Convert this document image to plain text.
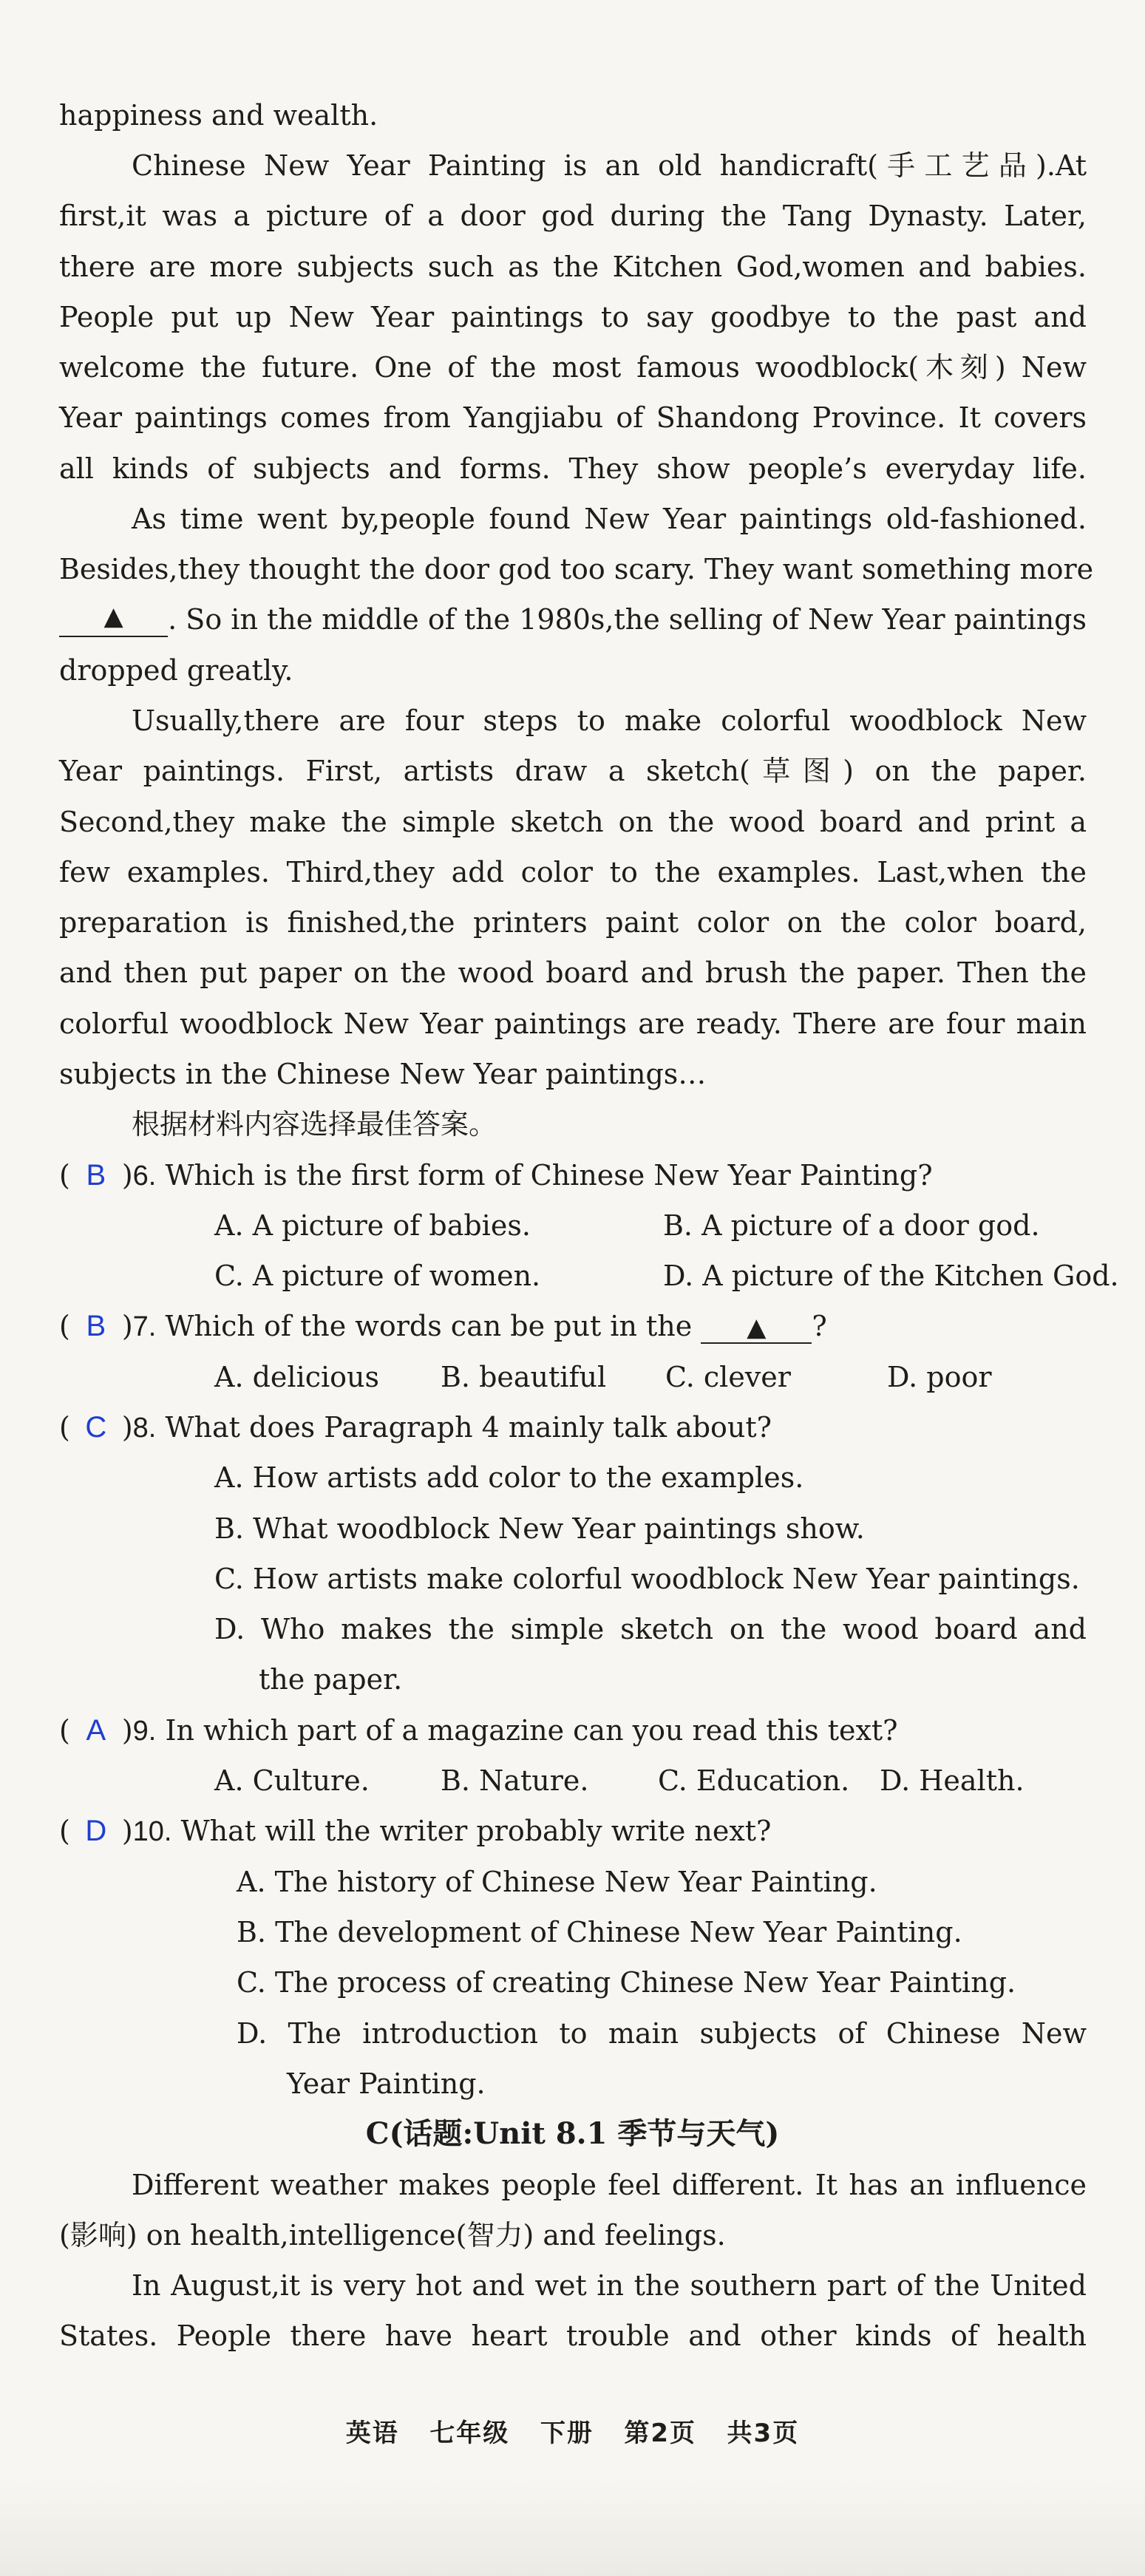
happiness and wealth.
Chinese New Year Painting is an old handicraft(手工艺品).At
first,it was a picture of a door god during the Tang Dynasty. Later,
there are more subjects such as the Kitchen God,women and babies.
People put up New Year paintings to say goodbye to the past and
welcome the future. One of the most famous woodblock(木刻) New
Year paintings comes from Yangjiabu of Shandong Province. It covers
all kinds of subjects and forms. They show people’s everyday life.
As time went by,people found New Year paintings old-fashioned.
Besides,they thought the door god too scary. They want something more
▲	. So in the middle of the 1980s,the selling of New Year paintings
dropped greatly.
Usually,there are four steps to make colorful woodblock New
Year paintings. First, artists draw a sketch(草图) on the paper.
Second,they make the simple sketch on the wood board and print a
few examples. Third,they add color to the examples. Last,when the
preparation is finished,the printers paint color on the color board,
and then put paper on the wood board and brush the paper. Then the
colorful woodblock New Year paintings are ready. There are four main
subjects in the Chinese New Year paintings…
根据材料内容选择最佳答案。
( B )6. Which is the first form of Chinese New Year Painting?
A. A picture of babies.	B. A picture of a door god.
C. A picture of women.	D. A picture of the Kitchen God.
( B )7. Which of the words can be put in the ▲ ?
A. delicious B. beautiful C. clever	D. poor
( C )8. What does Paragraph 4 mainly talk about?
A. How artists add color to the examples.
B. What woodblock New Year paintings show.
C. How artists make colorful woodblock New Year paintings.
D. Who makes the simple sketch on the wood board and
the paper.
( A )9. In which part of a magazine can you read this text?
A. Culture.	B. Nature. C. Education. D. Health.
( D )10. What will the writer probably write next?
A. The history of Chinese New Year Painting.
B. The development of Chinese New Year Painting.
C. The process of creating Chinese New Year Painting.
D. The introduction to main subjects of Chinese New
Year Painting.
C(话题:Unit 8.1 季节与天气)
Different weather makes people feel different. It has an influence
(影响) on health,intelligence(智力) and feelings.
In August,it is very hot and wet in the southern part of the United
States. People there have heart trouble and other kinds of health
英语 七年级 下册 第2页 共3页
